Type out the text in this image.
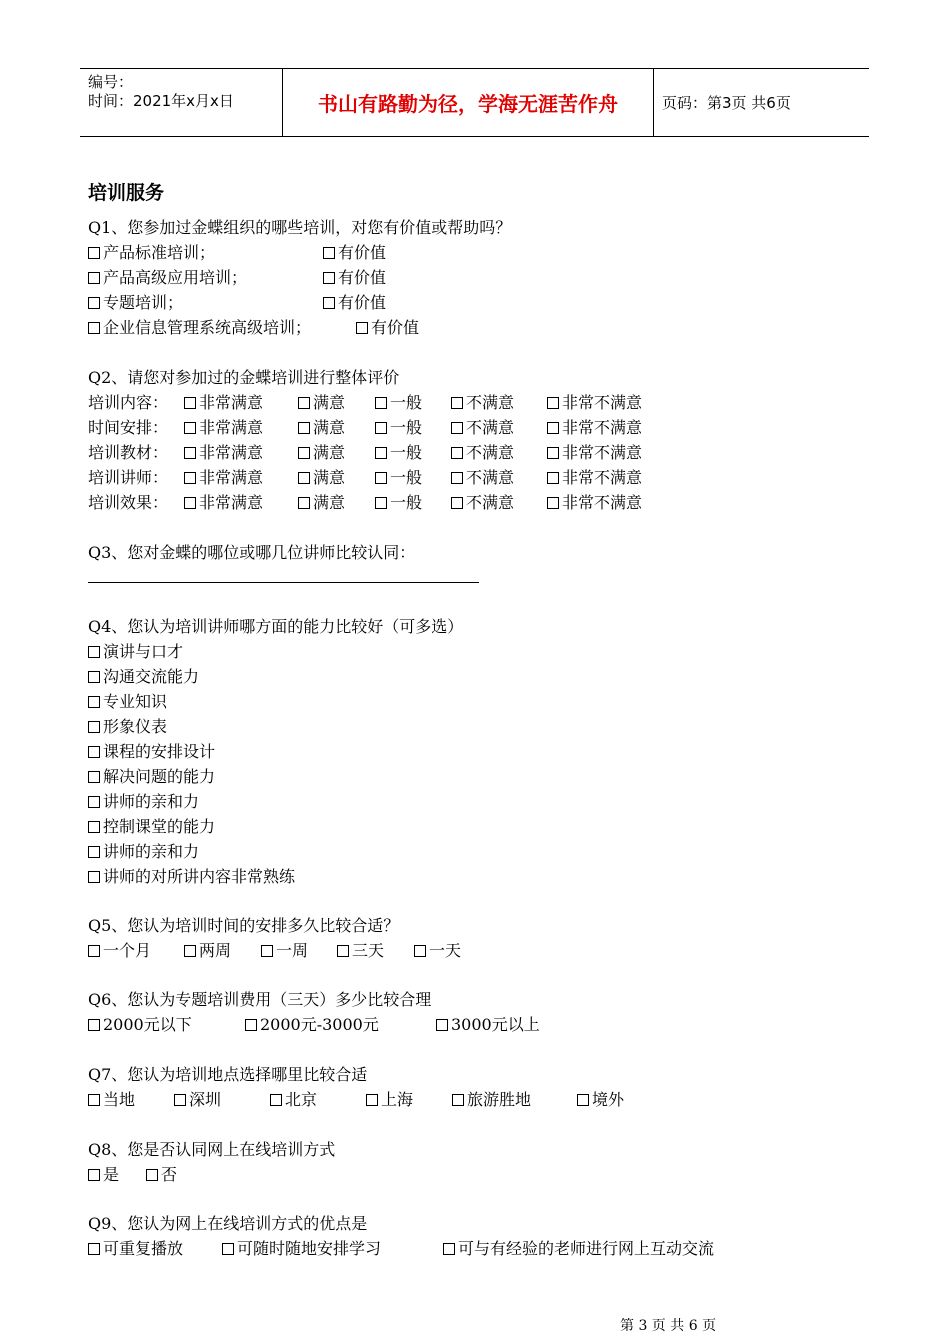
编号：
时间：2021年x月x日	书山有路勤为径，学海无涯苦作舟	页码：第3页 共6页
培训服务
Q1、您参加过金蝶组织的哪些培训，对您有价值或帮助吗？
产品标准培训；	有价值
产品高级应用培训；	有价值
专题培训；	有价值
企业信息管理系统高级培训；	有价值
Q2、请您对参加过的金蝶培训进行整体评价
培训内容：	非常满意	满意	一般	不满意	非常不满意
时间安排：	非常满意	满意	一般	不满意	非常不满意
培训教材：	非常满意	满意	一般	不满意	非常不满意
培训讲师：	非常满意	满意	一般	不满意	非常不满意
培训效果：	非常满意	满意	一般	不满意	非常不满意
Q3、您对金蝶的哪位或哪几位讲师比较认同：
Q4、您认为培训讲师哪方面的能力比较好（可多选）
演讲与口才
沟通交流能力
专业知识
形象仪表
课程的安排设计
解决问题的能力
讲师的亲和力
控制课堂的能力
讲师的亲和力
讲师的对所讲内容非常熟练
Q5、您认为培训时间的安排多久比较合适？
一个月	两周	一周	三天	一天
Q6、您认为专题培训费用（三天）多少比较合理
2000元以下	2000元-3000元	3000元以上
Q7、您认为培训地点选择哪里比较合适
当地	深圳	北京	上海	旅游胜地	境外
Q8、您是否认同网上在线培训方式
是	否
Q9、您认为网上在线培训方式的优点是
可重复播放	可随时随地安排学习	可与有经验的老师进行网上互动交流
第 3 页 共 6 页
